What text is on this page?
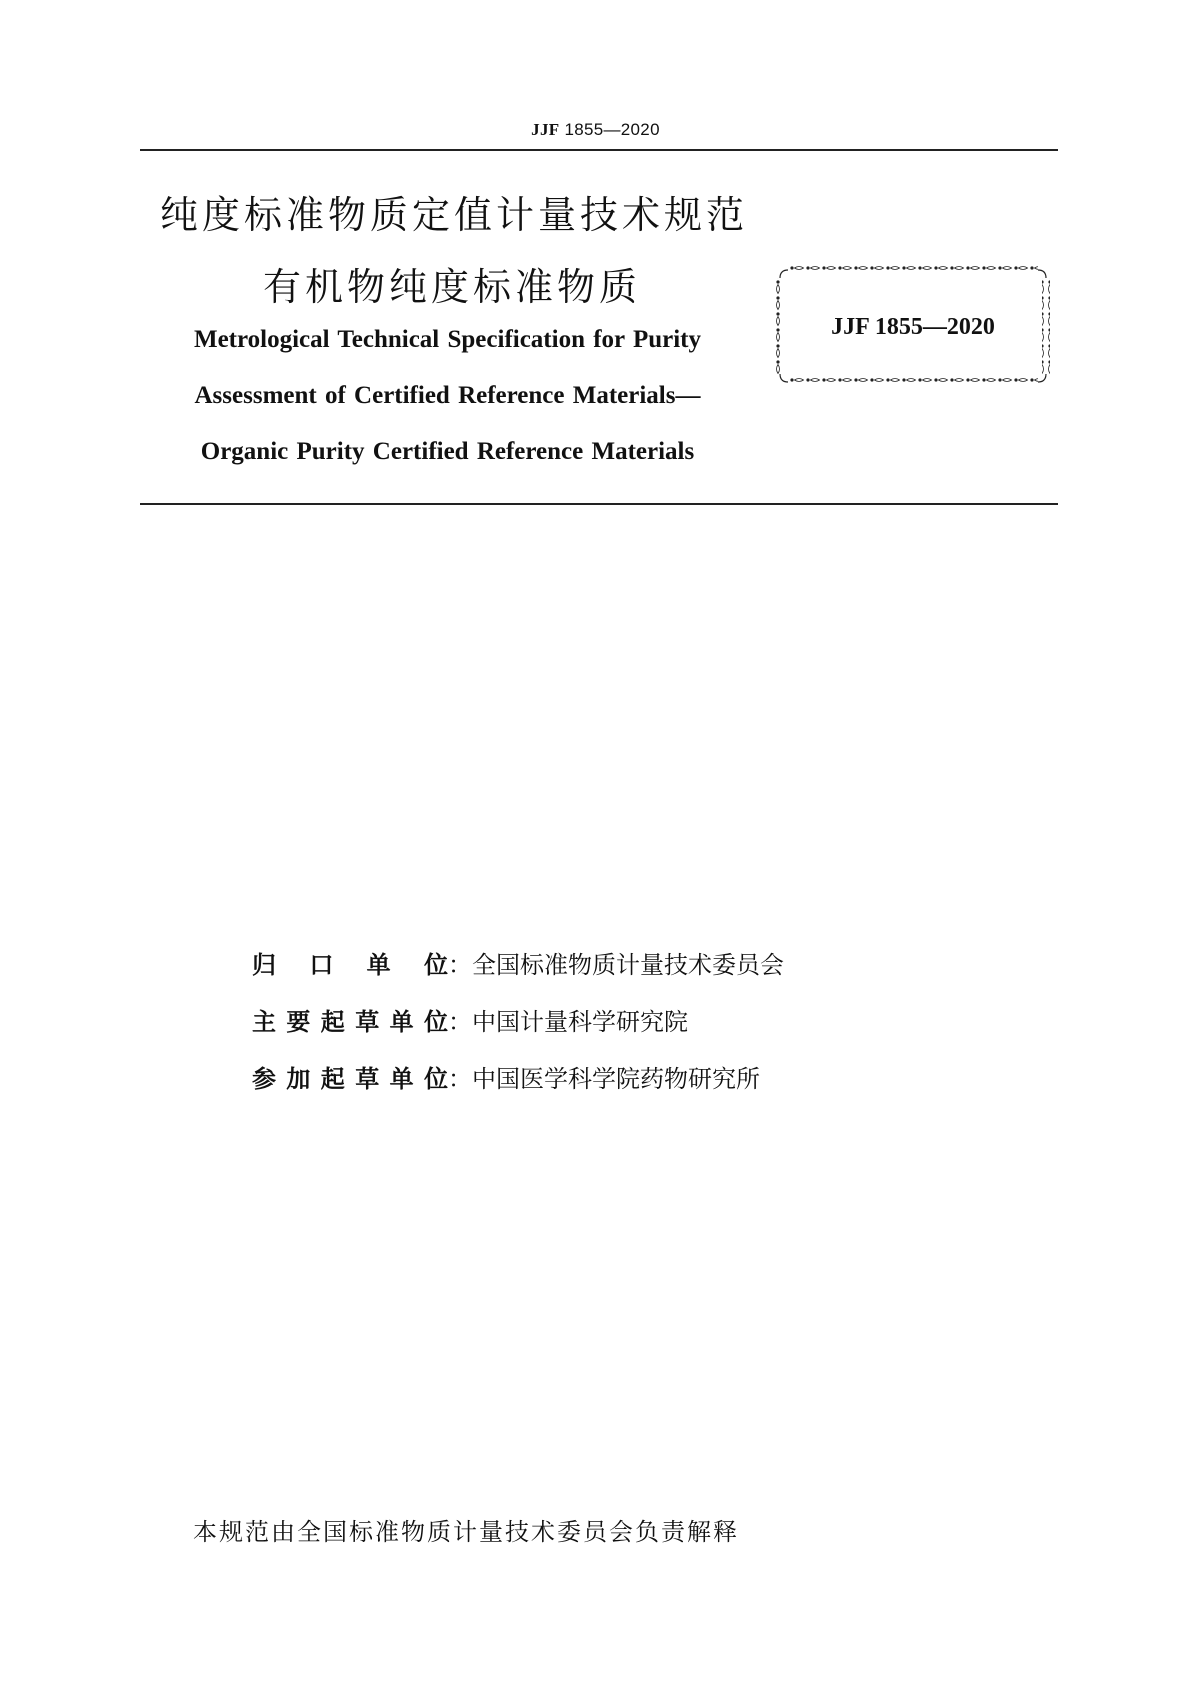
JJF 1855—2020
纯度标准物质定值计量技术规范
有机物纯度标准物质
Metrological Technical Specification for Purity
Assessment of Certified Reference Materials—
Organic Purity Certified Reference Materials
JJF 1855—2020
归口单位：全国标准物质计量技术委员会
主要起草单位：中国计量科学研究院
参加起草单位：中国医学科学院药物研究所
本规范由全国标准物质计量技术委员会负责解释
